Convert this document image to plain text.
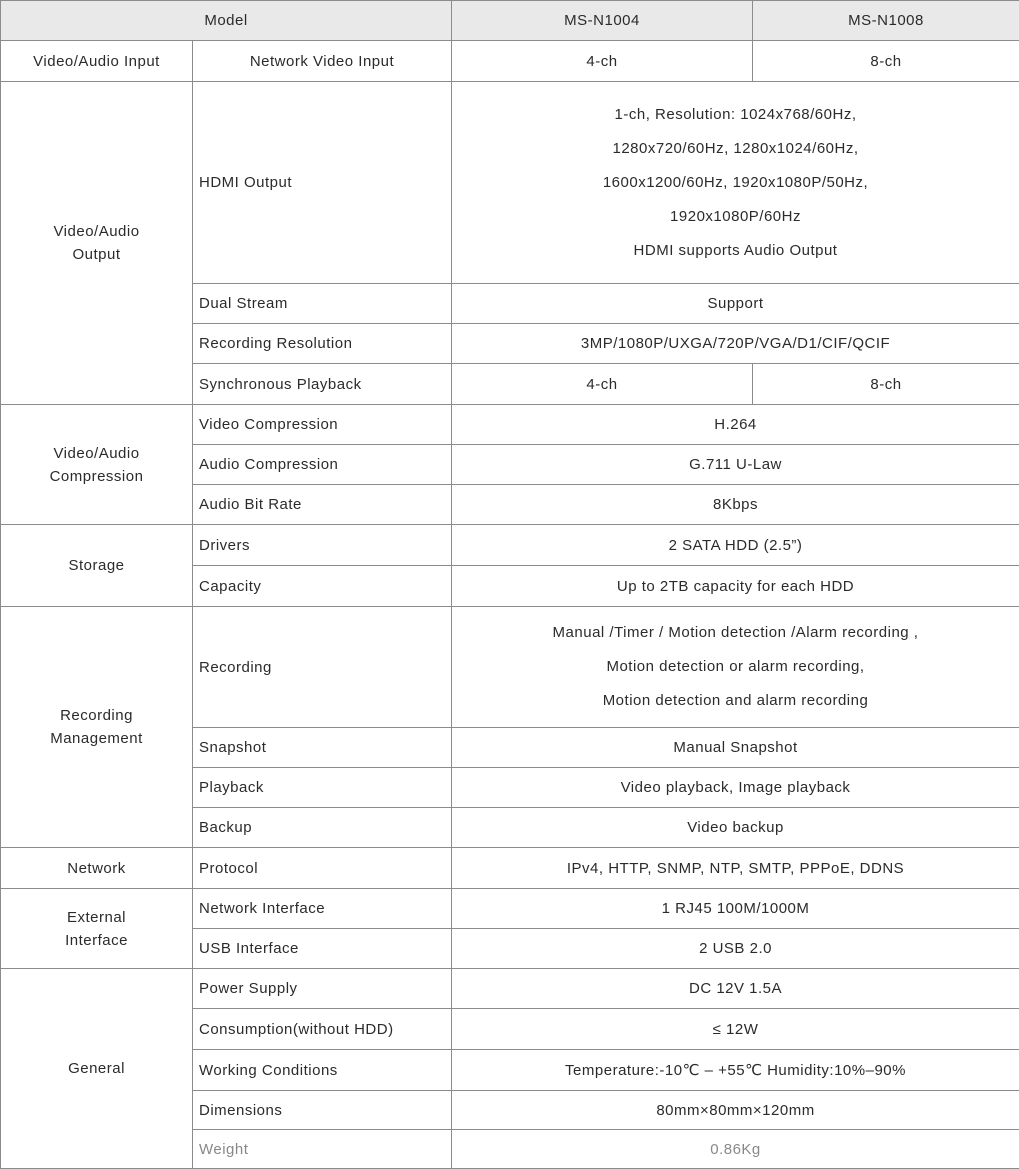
Model		MS-N1004	MS-N1008
Video/Audio Input	Network Video Input	4-ch	8-ch

Video/Audio Output	HDMI Output	1-ch, Resolution: 1024x768/60Hz,
1280x720/60Hz, 1280x1024/60Hz,
1600x1200/60Hz, 1920x1080P/50Hz,
1920x1080P/60Hz
HDMI supports Audio Output	

	Dual Stream	Support	
	Recording Resolution	3MP/1080P/UXGA/720P/VGA/D1/CIF/QCIF	
	Synchronous Playback	4-ch	8-ch

Video/Audio Compression	Video Compression	H.264	
	Audio Compression	G.711 U-Law	
	Audio Bit Rate	8Kbps	
Storage	Drivers	2 SATA HDD (2.5”)	
	Capacity	Up to 2TB capacity for each HDD	

Recording Management	Recording	Manual /Timer / Motion detection /Alarm recording ,
Motion detection or alarm recording,
Motion detection and alarm recording	

	Snapshot	Manual Snapshot	
	Playback	Video playback, Image playback	
	Backup	Video backup	
Network	Protocol	IPv4, HTTP, SNMP, NTP, SMTP, PPPoE, DDNS	

External Interface	Network Interface	1 RJ45 100M/1000M	
	USB Interface	2 USB 2.0	
General	Power Supply	DC 12V 1.5A	
	Consumption(without HDD)	≤ 12W	
	Working Conditions	Temperature:-10℃ – +55℃ Humidity:10%–90%	
	Dimensions	80mm×80mm×120mm	
	Weight	0.86Kg	
